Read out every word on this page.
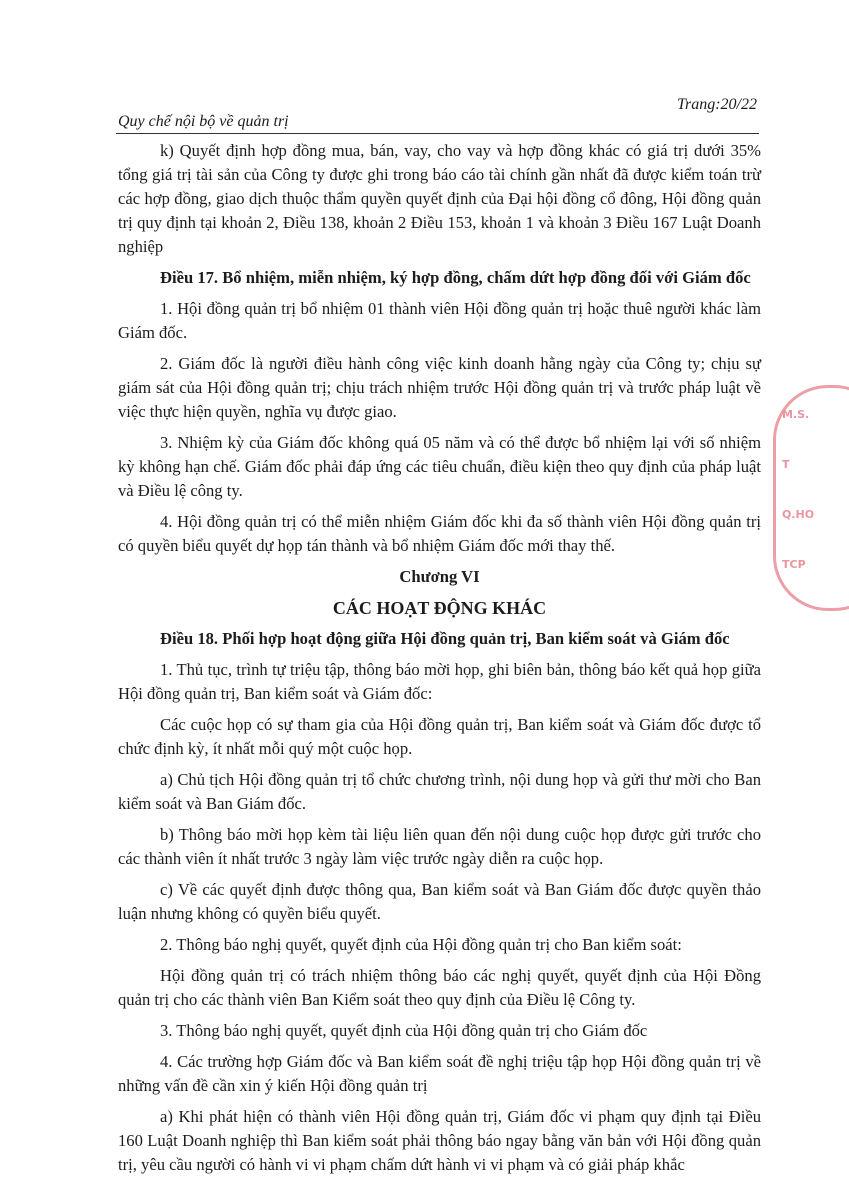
Trang:20/22
Quy chế nội bộ về quản trị

k) Quyết định hợp đồng mua, bán, vay, cho vay và hợp đồng khác có giá trị dưới 35% tổng giá trị tài sản của Công ty được ghi trong báo cáo tài chính gần nhất đã được kiểm toán trừ các hợp đồng, giao dịch thuộc thẩm quyền quyết định của Đại hội đồng cổ đông, Hội đồng quản trị quy định tại khoản 2, Điều 138, khoản 2 Điều 153, khoản 1 và khoản 3 Điều 167 Luật Doanh nghiệp

Điều 17. Bổ nhiệm, miễn nhiệm, ký hợp đồng, chấm dứt hợp đồng đối với Giám đốc

1. Hội đồng quản trị bổ nhiệm 01 thành viên Hội đồng quản trị hoặc thuê người khác làm Giám đốc.

2. Giám đốc là người điều hành công việc kinh doanh hằng ngày của Công ty; chịu sự giám sát của Hội đồng quản trị; chịu trách nhiệm trước Hội đồng quản trị và trước pháp luật về việc thực hiện quyền, nghĩa vụ được giao.

3. Nhiệm kỳ của Giám đốc không quá 05 năm và có thể được bổ nhiệm lại với số nhiệm kỳ không hạn chế. Giám đốc phải đáp ứng các tiêu chuẩn, điều kiện theo quy định của pháp luật và Điều lệ công ty.

4. Hội đồng quản trị có thể miễn nhiệm Giám đốc khi đa số thành viên Hội đồng quản trị có quyền biểu quyết dự họp tán thành và bổ nhiệm Giám đốc mới thay thế.

Chương VI

CÁC HOẠT ĐỘNG KHÁC

Điều 18. Phối hợp hoạt động giữa Hội đồng quản trị, Ban kiểm soát và Giám đốc

1. Thủ tục, trình tự triệu tập, thông báo mời họp, ghi biên bản, thông báo kết quả họp giữa Hội đồng quản trị, Ban kiểm soát và Giám đốc:

Các cuộc họp có sự tham gia của Hội đồng quản trị, Ban kiểm soát và Giám đốc được tổ chức định kỳ, ít nhất mỗi quý một cuộc họp.

a) Chủ tịch Hội đồng quản trị tổ chức chương trình, nội dung họp và gửi thư mời cho Ban kiểm soát và Ban Giám đốc.

b) Thông báo mời họp kèm tài liệu liên quan đến nội dung cuộc họp được gửi trước cho các thành viên ít nhất trước 3 ngày làm việc trước ngày diễn ra cuộc họp.

c) Về các quyết định được thông qua, Ban kiểm soát và Ban Giám đốc được quyền thảo luận nhưng không có quyền biểu quyết.

2. Thông báo nghị quyết, quyết định của Hội đồng quản trị cho Ban kiểm soát:

Hội đồng quản trị có trách nhiệm thông báo các nghị quyết, quyết định của Hội Đồng quản trị cho các thành viên Ban Kiểm soát theo quy định của Điều lệ Công ty.

3. Thông báo nghị quyết, quyết định của Hội đồng quản trị cho Giám đốc

4. Các trường hợp Giám đốc và Ban kiểm soát đề nghị triệu tập họp Hội đồng quản trị về những vấn đề cần xin ý kiến Hội đồng quản trị

a) Khi phát hiện có thành viên Hội đồng quản trị, Giám đốc vi phạm quy định tại Điều 160 Luật Doanh nghiệp thì Ban kiểm soát phải thông báo ngay bằng văn bản với Hội đồng quản trị, yêu cầu người có hành vi vi phạm chấm dứt hành vi vi phạm và có giải pháp khắc

M.S.
T
Q.HO
TCP
